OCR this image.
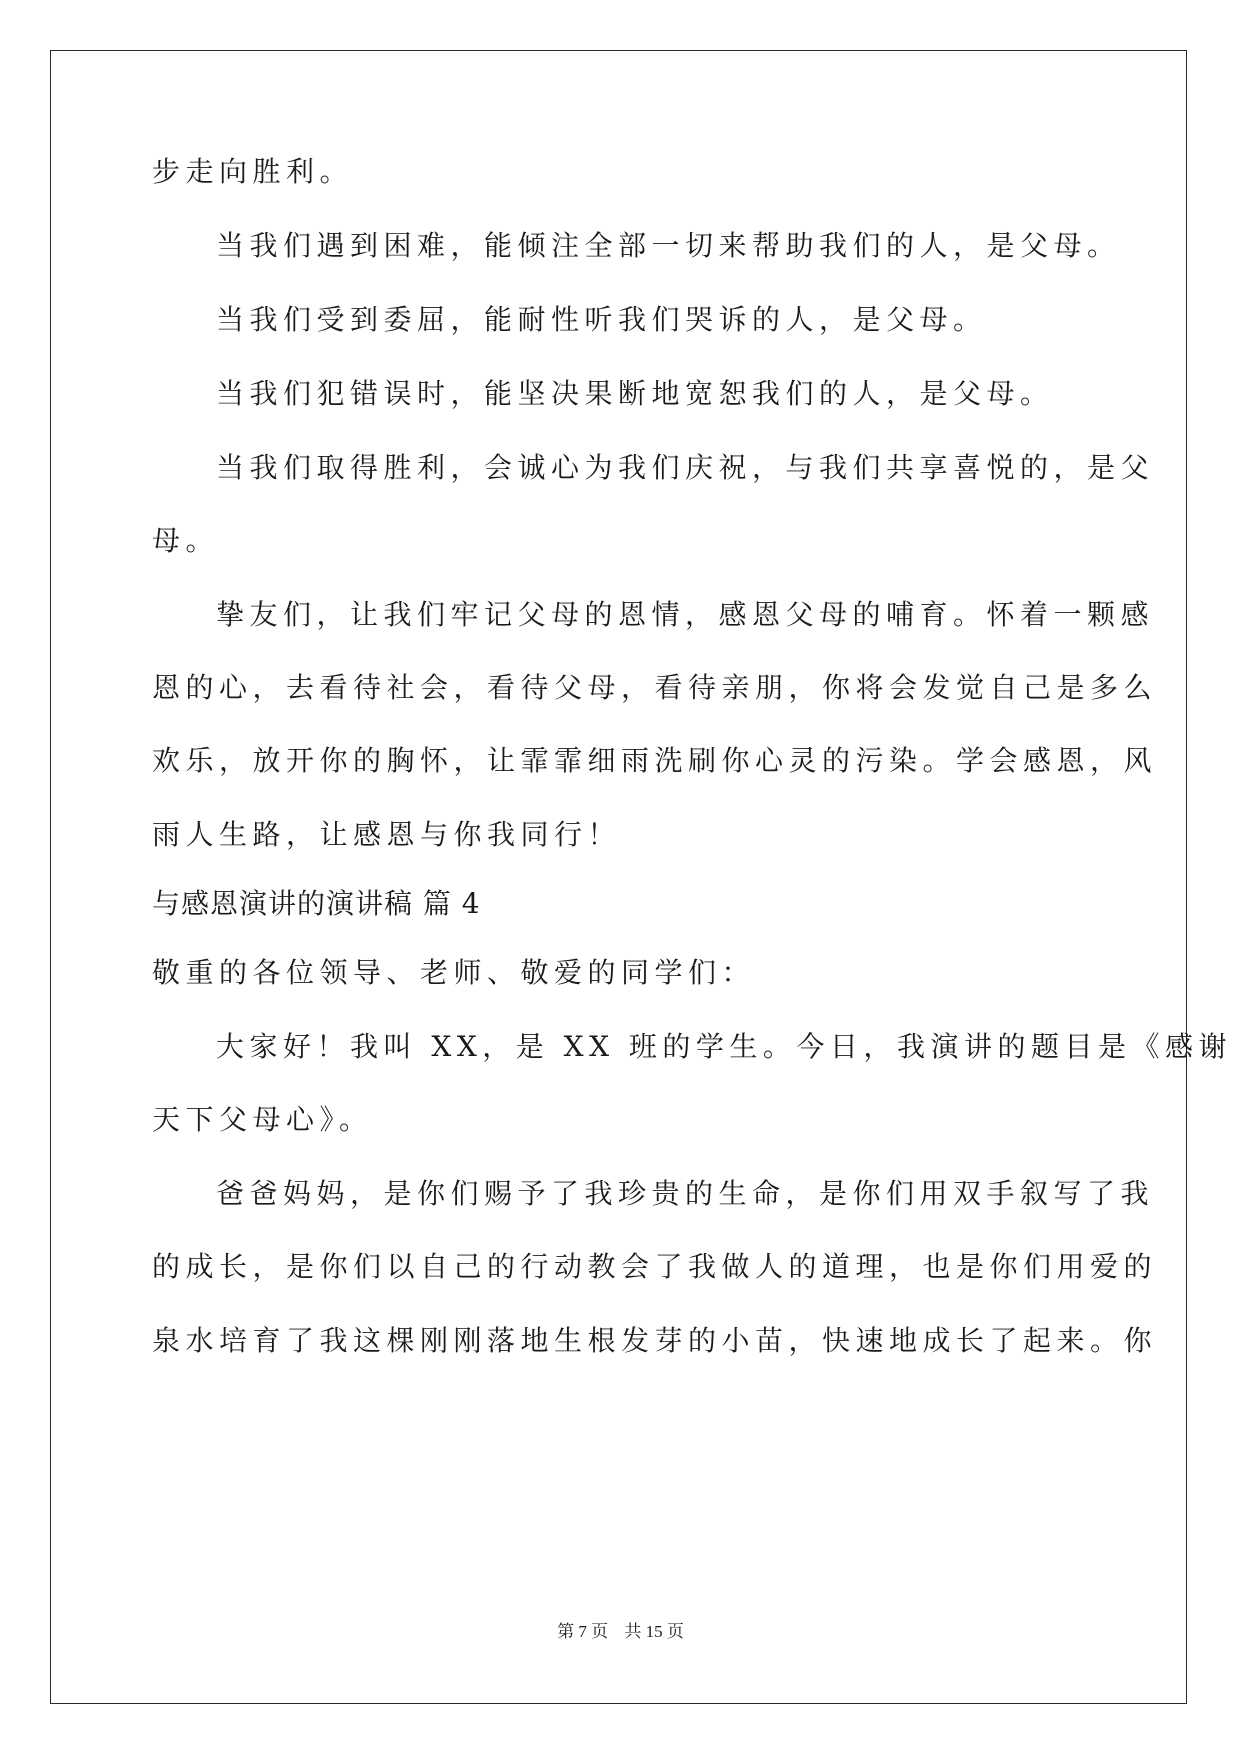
步走向胜利。
当我们遇到困难，能倾注全部一切来帮助我们的人，是父母。
当我们受到委屈，能耐性听我们哭诉的人，是父母。
当我们犯错误时，能坚决果断地宽恕我们的人，是父母。
当我们取得胜利，会诚心为我们庆祝，与我们共享喜悦的，是父
母。
挚友们，让我们牢记父母的恩情，感恩父母的哺育。怀着一颗感
恩的心，去看待社会，看待父母，看待亲朋，你将会发觉自己是多么
欢乐，放开你的胸怀，让霏霏细雨洗刷你心灵的污染。学会感恩，风
雨人生路，让感恩与你我同行！
与感恩演讲的演讲稿 篇 4
敬重的各位领导、老师、敬爱的同学们：
大家好！我叫 XX，是 XX 班的学生。今日，我演讲的题目是《感谢
天下父母心》。
爸爸妈妈，是你们赐予了我珍贵的生命，是你们用双手叙写了我
的成长，是你们以自己的行动教会了我做人的道理，也是你们用爱的
泉水培育了我这棵刚刚落地生根发芽的小苗，快速地成长了起来。你
第 7 页 共 15 页
